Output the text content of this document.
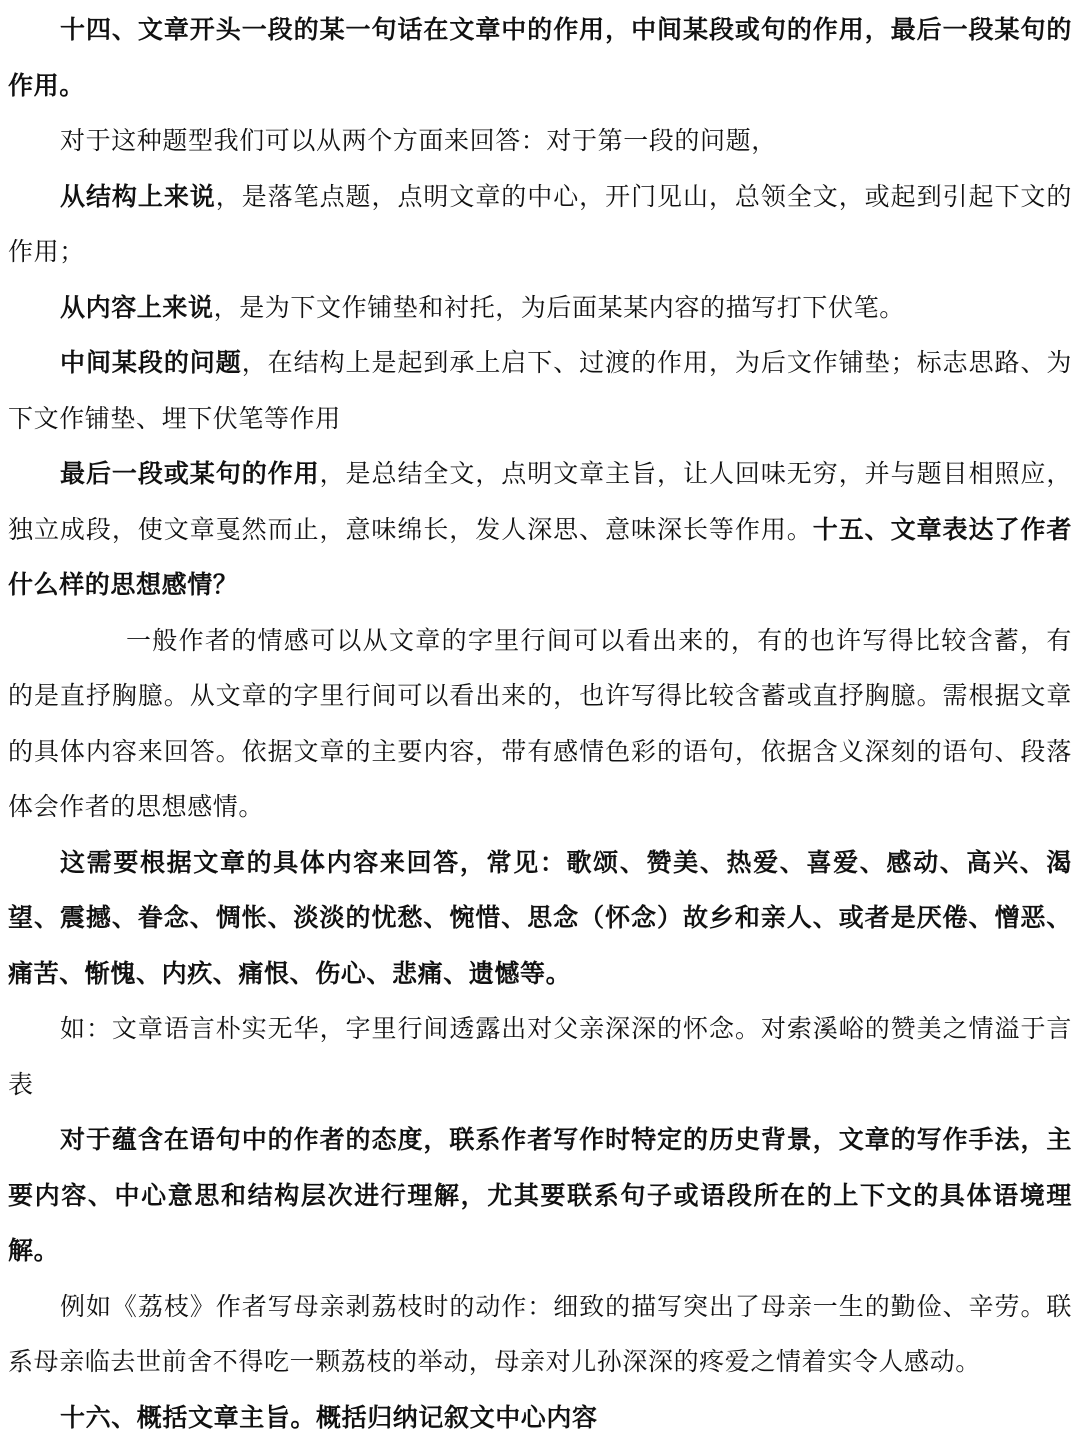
十四、文章开头一段的某一句话在文章中的作用，中间某段或句的作用，最后一段某句的作用。

对于这种题型我们可以从两个方面来回答：对于第一段的问题，

从结构上来说，是落笔点题，点明文章的中心，开门见山，总领全文，或起到引起下文的作用；

从内容上来说，是为下文作铺垫和衬托，为后面某某内容的描写打下伏笔。

中间某段的问题，在结构上是起到承上启下、过渡的作用，为后文作铺垫；标志思路、为下文作铺垫、埋下伏笔等作用

最后一段或某句的作用，是总结全文，点明文章主旨，让人回味无穷，并与题目相照应，独立成段，使文章戛然而止，意味绵长，发人深思、意味深长等作用。十五、文章表达了作者什么样的思想感情？

一般作者的情感可以从文章的字里行间可以看出来的，有的也许写得比较含蓄，有的是直抒胸臆。从文章的字里行间可以看出来的，也许写得比较含蓄或直抒胸臆。需根据文章的具体内容来回答。依据文章的主要内容，带有感情色彩的语句，依据含义深刻的语句、段落体会作者的思想感情。

这需要根据文章的具体内容来回答，常见：歌颂、赞美、热爱、喜爱、感动、高兴、渴望、震撼、眷念、惆怅、淡淡的忧愁、惋惜、思念（怀念）故乡和亲人、或者是厌倦、憎恶、痛苦、惭愧、内疚、痛恨、伤心、悲痛、遗憾等。

如：文章语言朴实无华，字里行间透露出对父亲深深的怀念。对索溪峪的赞美之情溢于言表

对于蕴含在语句中的作者的态度，联系作者写作时特定的历史背景，文章的写作手法，主要内容、中心意思和结构层次进行理解，尤其要联系句子或语段所在的上下文的具体语境理解。

例如《荔枝》作者写母亲剥荔枝时的动作：细致的描写突出了母亲一生的勤俭、辛劳。联系母亲临去世前舍不得吃一颗荔枝的举动，母亲对儿孙深深的疼爱之情着实令人感动。

十六、概括文章主旨。概括归纳记叙文中心内容
